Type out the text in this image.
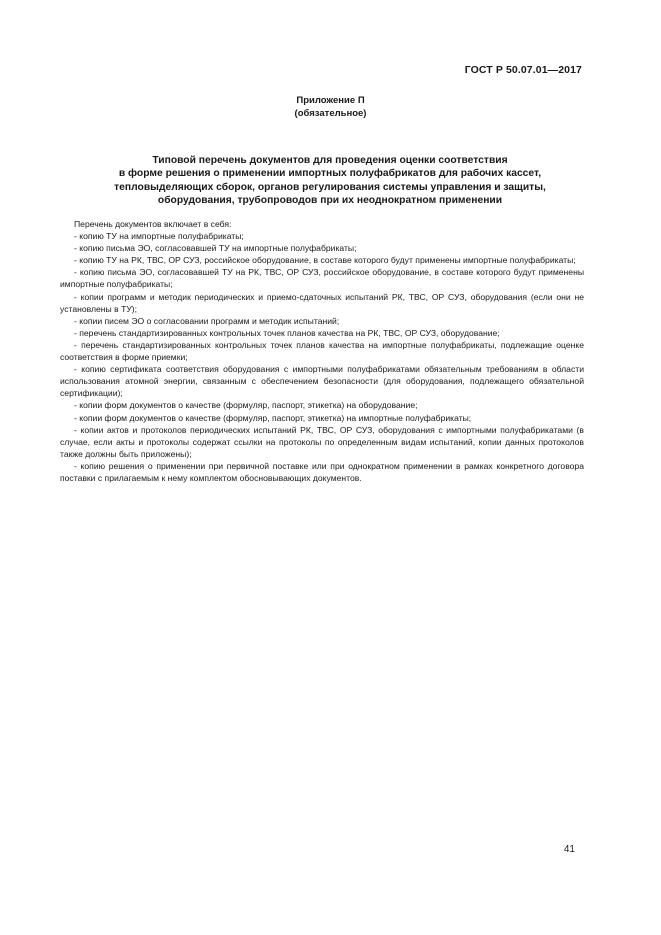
ГОСТ Р 50.07.01—2017
Приложение П
(обязательное)
Типовой перечень документов для проведения оценки соответствия
в форме решения о применении импортных полуфабрикатов для рабочих кассет,
тепловыделяющих сборок, органов регулирования системы управления и защиты,
оборудования, трубопроводов при их неоднократном применении

Перечень документов включает в себя:

- копию ТУ на импортные полуфабрикаты;

- копию письма ЭО, согласовавшей ТУ на импортные полуфабрикаты;

- копию ТУ на РК, ТВС, ОР СУЗ, российское оборудование, в составе которого будут применены импортные полуфабрикаты;

- копию письма ЭО, согласовавшей ТУ на РК, ТВС, ОР СУЗ, российское оборудование, в составе которого будут применены импортные полуфабрикаты;

- копии программ и методик периодических и приемо-сдаточных испытаний РК, ТВС, ОР СУЗ, оборудования (если они не установлены в ТУ);

- копии писем ЭО о согласовании программ и методик испытаний;

- перечень стандартизированных контрольных точек планов качества на РК, ТВС, ОР СУЗ, оборудование;

- перечень стандартизированных контрольных точек планов качества на импортные полуфабрикаты, подлежащие оценке соответствия в форме приемки;

- копию сертификата соответствия оборудования с импортными полуфабрикатами обязательным требованиям в области использования атомной энергии, связанным с обеспечением безопасности (для оборудования, подлежащего обязательной сертификации);

- копии форм документов о качестве (формуляр, паспорт, этикетка) на оборудование;

- копии форм документов о качестве (формуляр, паспорт, этикетка) на импортные полуфабрикаты;

- копии актов и протоколов периодических испытаний РК, ТВС, ОР СУЗ, оборудования с импортными полуфабрикатами (в случае, если акты и протоколы содержат ссылки на протоколы по определенным видам испытаний, копии данных протоколов также должны быть приложены);

- копию решения о применении при первичной поставке или при однократном применении в рамках конкретного договора поставки с прилагаемым к нему комплектом обосновывающих документов.

41
